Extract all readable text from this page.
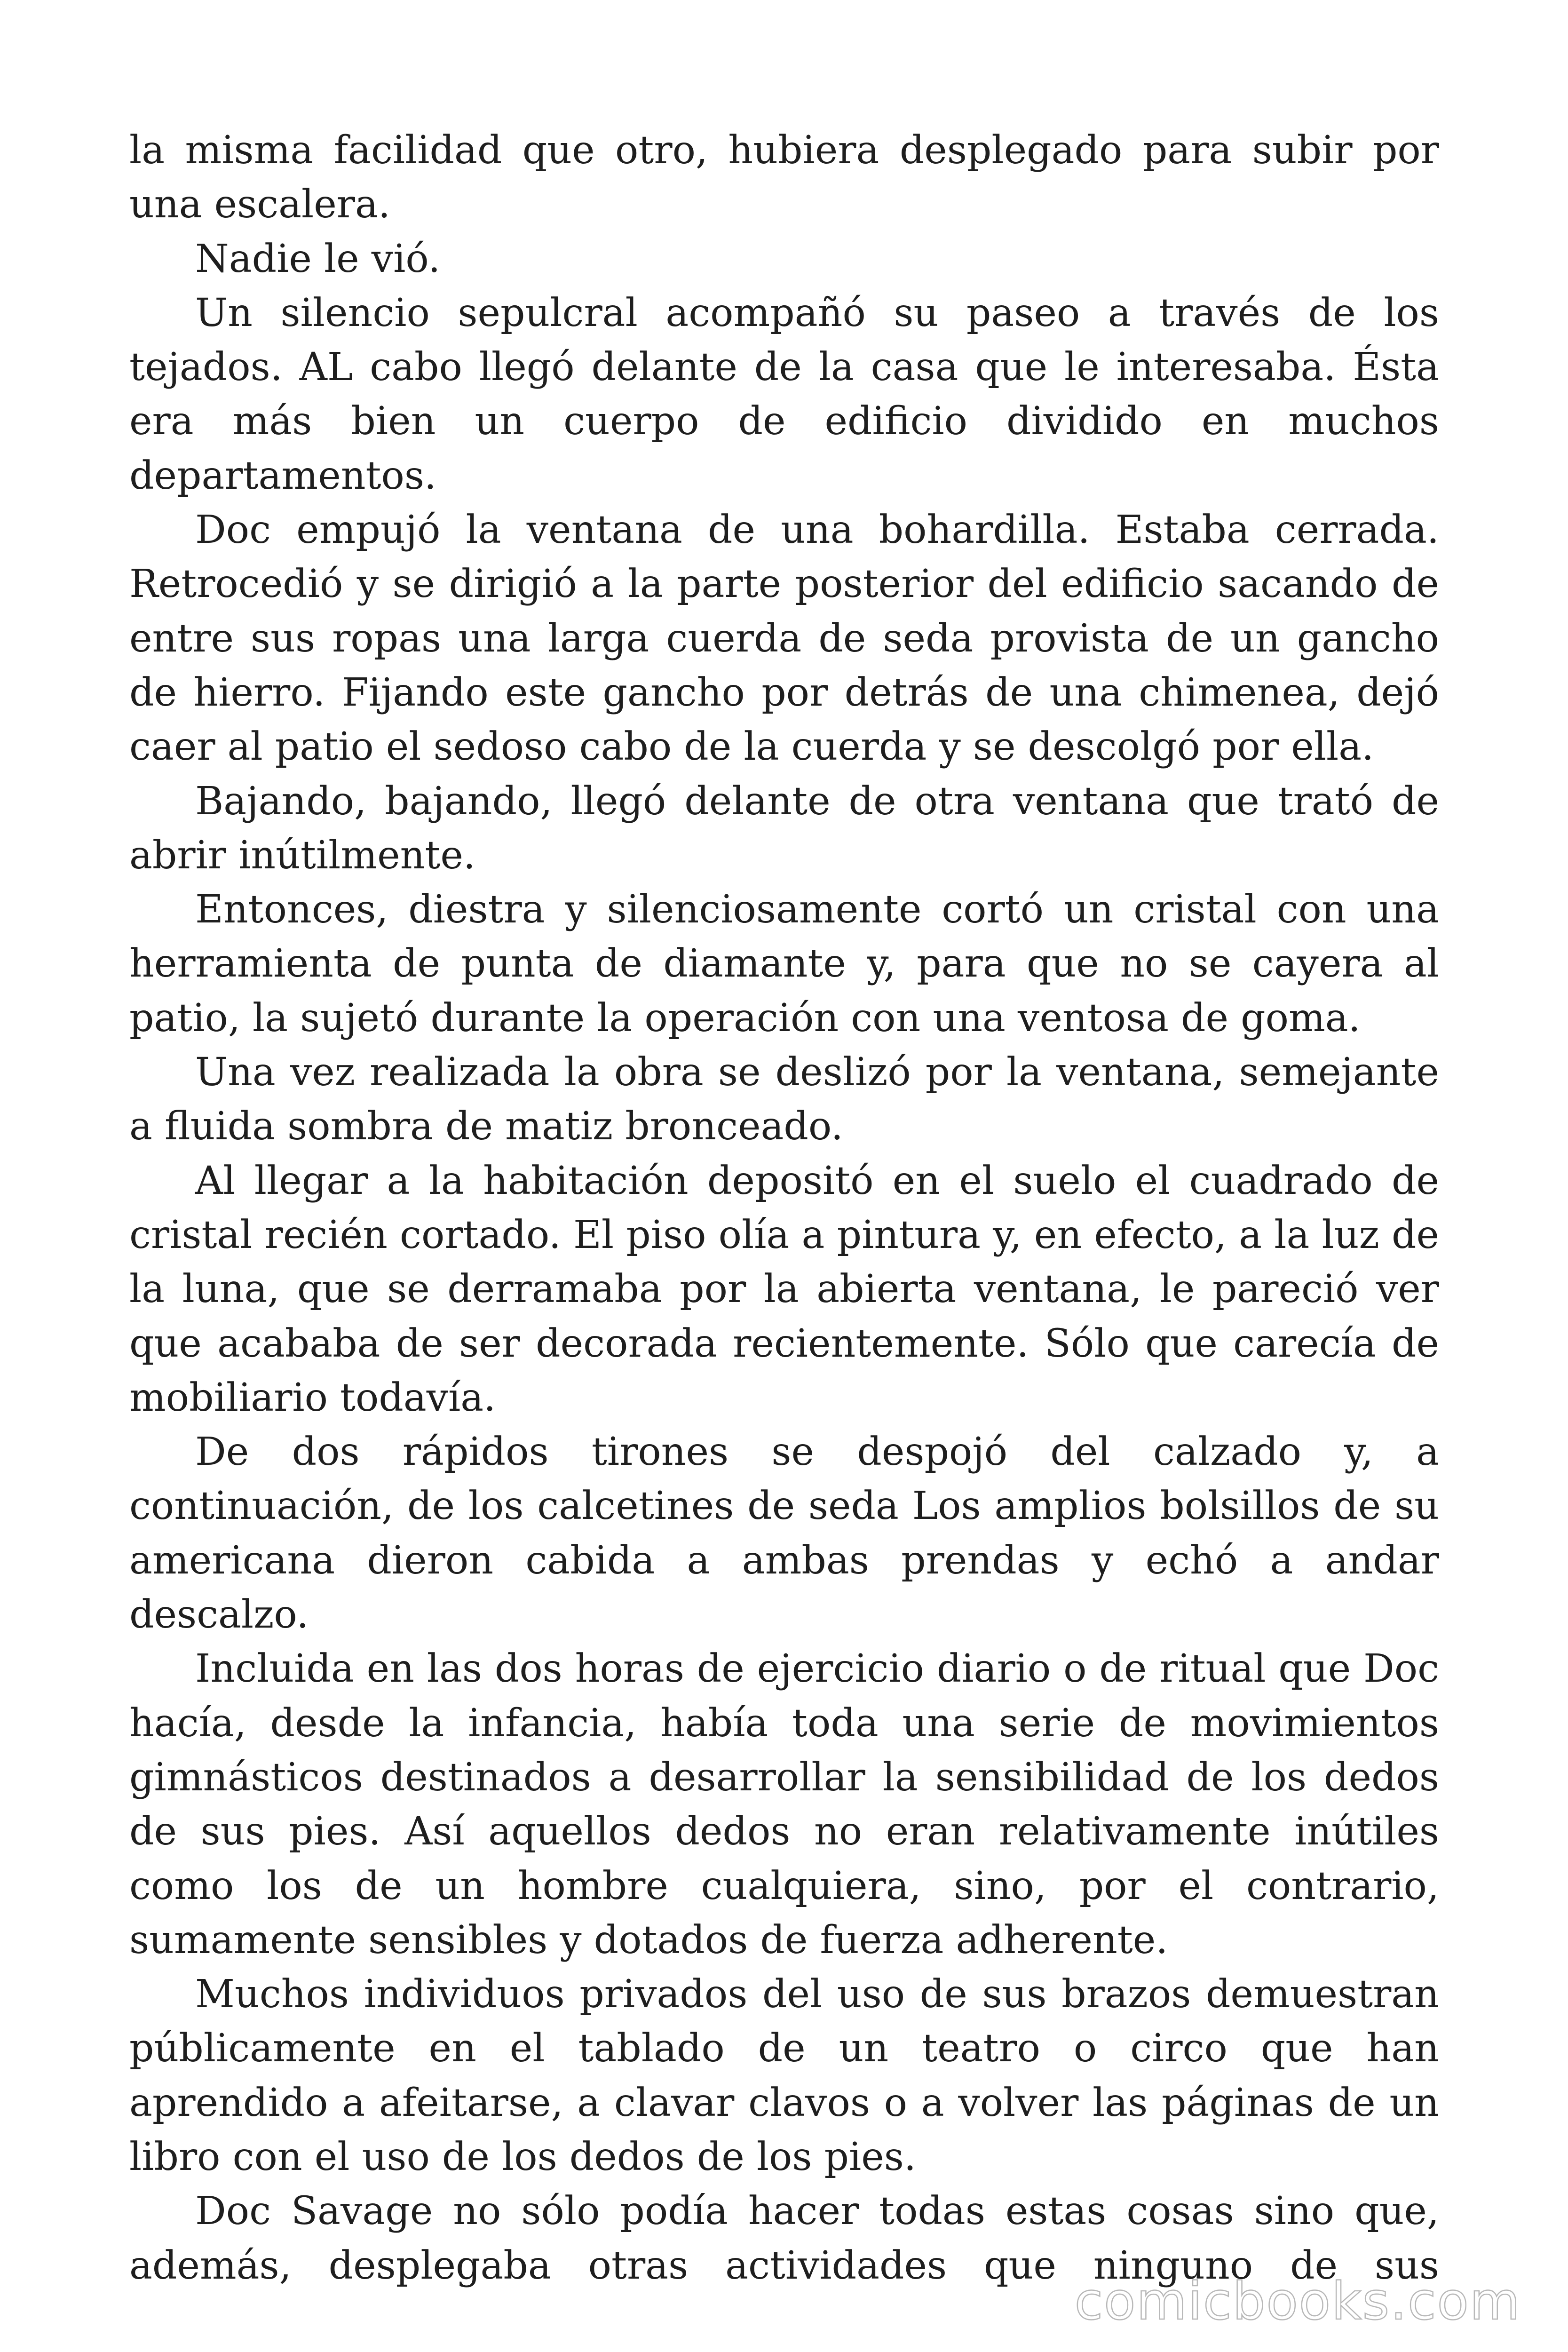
la misma facilidad que otro, hubiera desplegado para subir por una escalera.

Nadie le vió.

Un silencio sepulcral acompañó su paseo a través de los tejados. AL cabo llegó delante de la casa que le interesaba. Ésta era más bien un cuerpo de edificio dividido en muchos departamentos.

Doc empujó la ventana de una bohardilla. Estaba cerrada. Retrocedió y se dirigió a la parte posterior del edificio sacando de entre sus ropas una larga cuerda de seda provista de un gancho de hierro. Fijando este gancho por detrás de una chimenea, dejó caer al patio el sedoso cabo de la cuerda y se descolgó por ella.

Bajando, bajando, llegó delante de otra ventana que trató de abrir inútilmente.

Entonces, diestra y silenciosamente cortó un cristal con una herramienta de punta de diamante y, para que no se cayera al patio, la sujetó durante la operación con una ventosa de goma.

Una vez realizada la obra se deslizó por la ventana, semejante a fluida sombra de matiz bronceado.

Al llegar a la habitación depositó en el suelo el cuadrado de cristal recién cortado. El piso olía a pintura y, en efecto, a la luz de la luna, que se derramaba por la abierta ventana, le pareció ver que acababa de ser decorada recientemente. Sólo que carecía de mobiliario todavía.

De dos rápidos tirones se despojó del calzado y, a continuación, de los calcetines de seda Los amplios bolsillos de su americana dieron cabida a ambas prendas y echó a andar descalzo.

Incluida en las dos horas de ejercicio diario o de ritual que Doc hacía, desde la infancia, había toda una serie de movimientos gimnásticos destinados a desarrollar la sensibilidad de los dedos de sus pies. Así aquellos dedos no eran relativamente inútiles como los de un hombre cualquiera, sino, por el contrario, sumamente sensibles y dotados de fuerza adherente.

Muchos individuos privados del uso de sus brazos demuestran públicamente en el tablado de un teatro o circo que han aprendido a afeitarse, a clavar clavos o a volver las páginas de un libro con el uso de los dedos de los pies.

Doc Savage no sólo podía hacer todas estas cosas sino que, además, desplegaba otras actividades que ninguno de sus

comicbooks.com
